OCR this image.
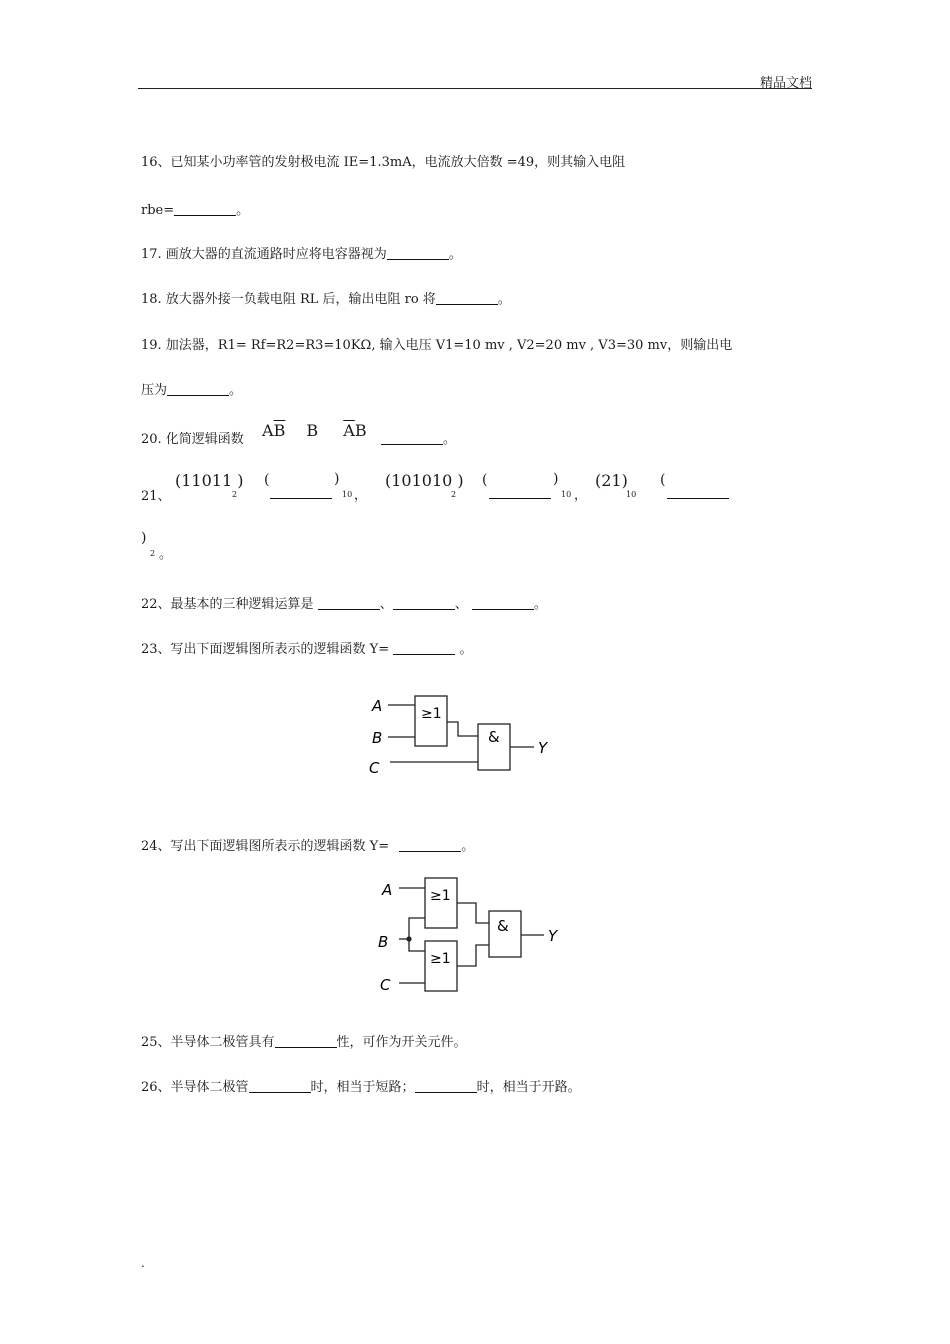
精品文档
16、已知某小功率管的发射极电流 IE=1.3mA，电流放大倍数 =49，则其输入电阻
rbe=	。
17. 画放大器的直流通路时应将电容器视为	。
18. 放大器外接一负载电阻 RL 后，输出电阻 ro 将	。
19. 加法器，R1= Rf=R2=R3=10KΩ, 输入电压 V1=10 mv , V2=20 mv , V3=30 mv，则输出电
压为	。
20. 化简逻辑函数 $A\overline{B}$ B $\overline{A}B$	。
21、
(11011 )
2
(	)
10 ，
(101010 )
2
(	)
10 ，
(21)
10
(
)
2 。
22、最基本的三种逻辑运算是	、	、	。
23、写出下面逻辑图所表示的逻辑函数 Y=	。
A
B
C
≥1
&
Y
24、写出下面逻辑图所表示的逻辑函数 Y=	。
A
B
C
≥1
≥1
&
Y
25、半导体二极管具有	性，可作为开关元件。
26、半导体二极管	时，相当于短路；	时，相当于开路。
.
